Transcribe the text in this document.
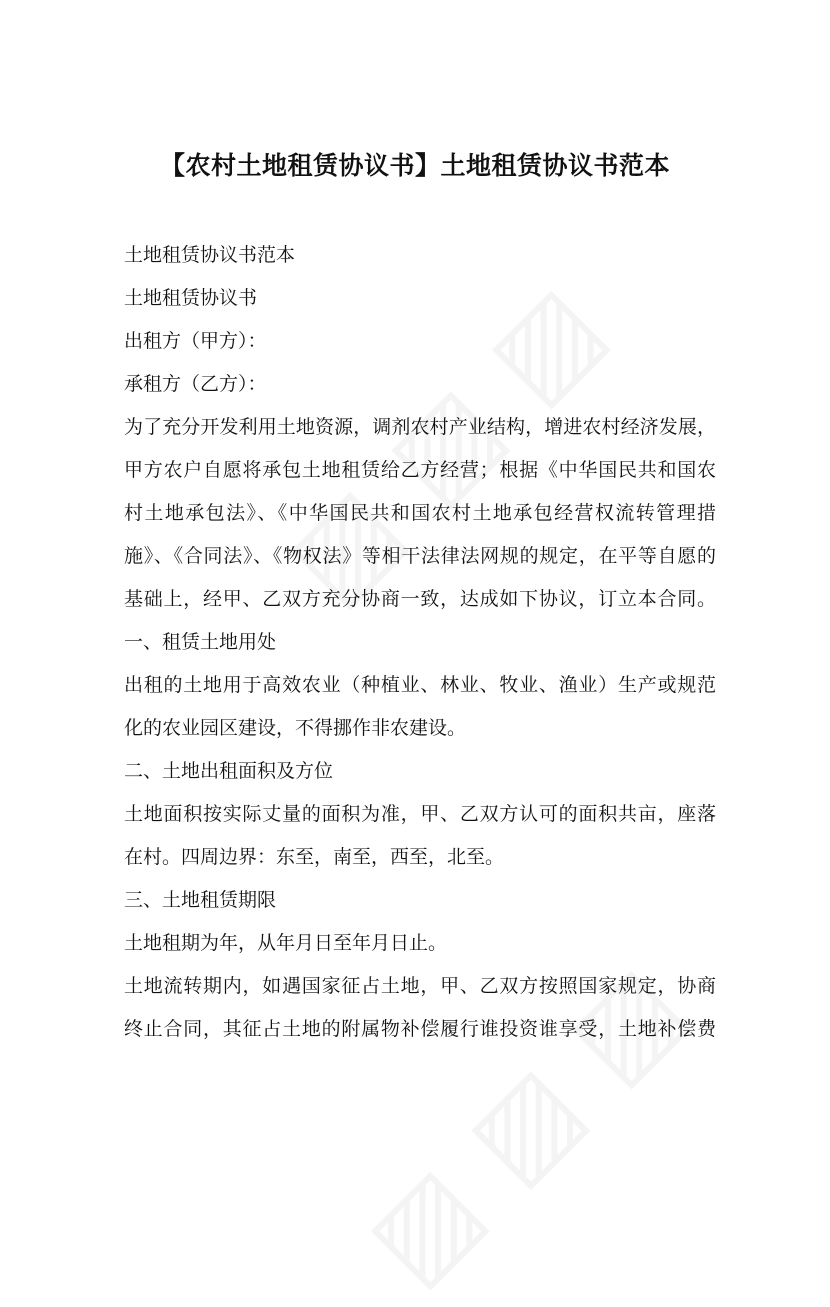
【农村土地租赁协议书】土地租赁协议书范本

土地租赁协议书范本

土地租赁协议书

出租方（甲方）：

承租方（乙方）：

为了充分开发利用土地资源，调剂农村产业结构，增进农村经济发展，

甲方农户自愿将承包土地租赁给乙方经营；根据《中华国民共和国农

村土地承包法》、《中华国民共和国农村土地承包经营权流转管理措

施》、《合同法》、《物权法》等相干法律法网规的规定，在平等自愿的

基础上，经甲、乙双方充分协商一致，达成如下协议，订立本合同。

一、租赁土地用处

出租的土地用于高效农业（种植业、林业、牧业、渔业）生产或规范

化的农业园区建设，不得挪作非农建设。

二、土地出租面积及方位

土地面积按实际丈量的面积为准，甲、乙双方认可的面积共亩，座落

在村。四周边界：东至，南至，西至，北至。

三、土地租赁期限

土地租期为年，从年月日至年月日止。

土地流转期内，如遇国家征占土地，甲、乙双方按照国家规定，协商

终止合同，其征占土地的附属物补偿履行谁投资谁享受，土地补偿费
